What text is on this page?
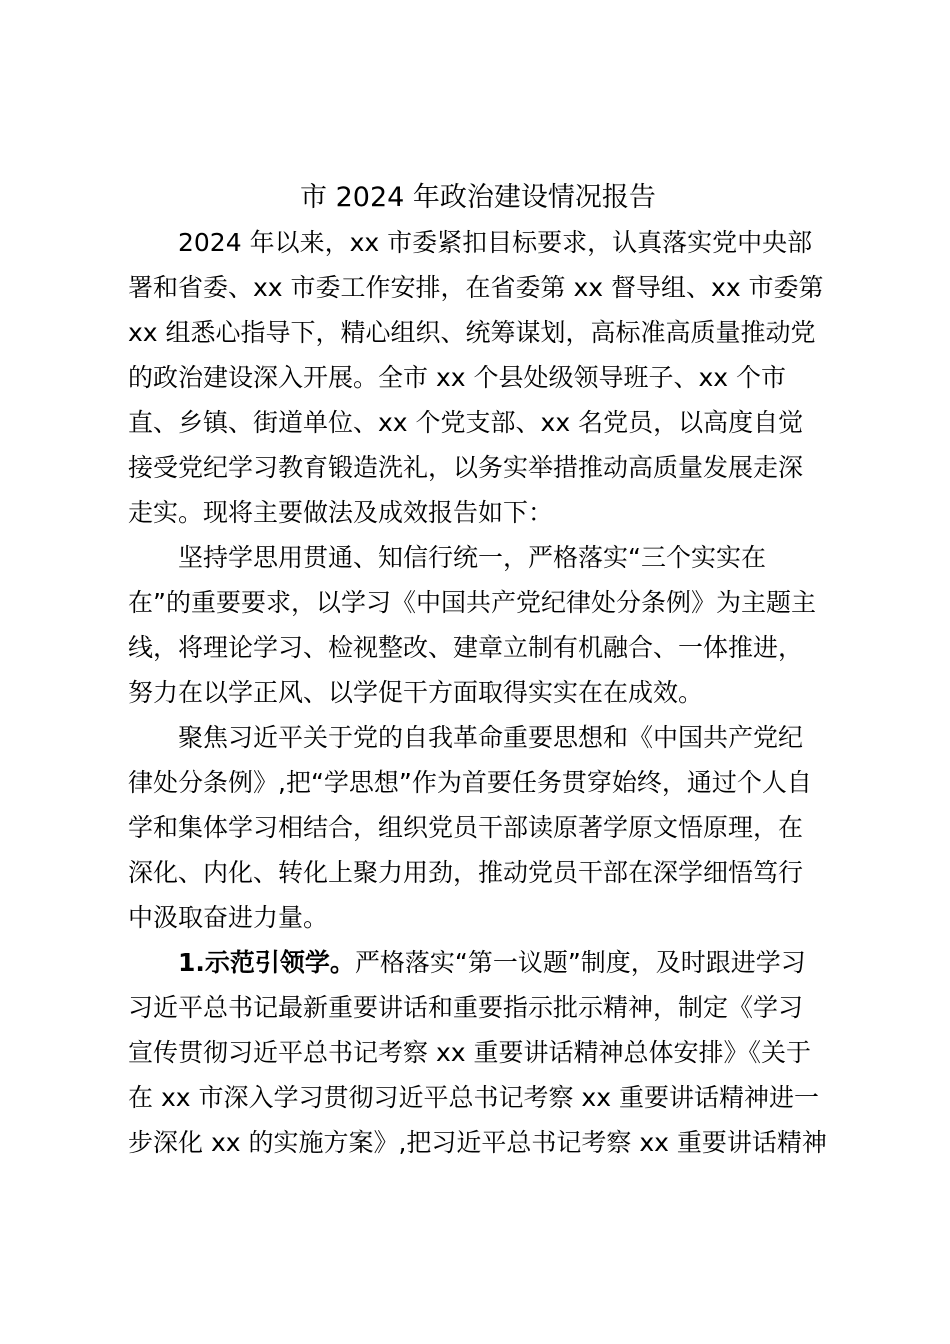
市 2024 年政治建设情况报告
2024 年以来，xx 市委紧扣目标要求，认真落实党中央部
署和省委、xx 市委工作安排，在省委第 xx 督导组、xx 市委第
xx 组悉心指导下，精心组织、统筹谋划，高标准高质量推动党
的政治建设深入开展。全市 xx 个县处级领导班子、xx 个市
直、乡镇、街道单位、xx 个党支部、xx 名党员，以高度自觉
接受党纪学习教育锻造洗礼，以务实举措推动高质量发展走深
走实。现将主要做法及成效报告如下：
坚持学思用贯通、知信行统一，严格落实“三个实实在
在”的重要要求，以学习《中国共产党纪律处分条例》为主题主
线，将理论学习、检视整改、建章立制有机融合、一体推进，
努力在以学正风、以学促干方面取得实实在在成效。
聚焦习近平关于党的自我革命重要思想和《中国共产党纪
律处分条例》,把“学思想”作为首要任务贯穿始终，通过个人自
学和集体学习相结合，组织党员干部读原著学原文悟原理，在
深化、内化、转化上聚力用劲，推动党员干部在深学细悟笃行
中汲取奋进力量。
1.示范引领学。严格落实“第一议题”制度，及时跟进学习
习近平总书记最新重要讲话和重要指示批示精神，制定《学习
宣传贯彻习近平总书记考察 xx 重要讲话精神总体安排》《关于
在 xx 市深入学习贯彻习近平总书记考察 xx 重要讲话精神进一
步深化 xx 的实施方案》,把习近平总书记考察 xx 重要讲话精神
